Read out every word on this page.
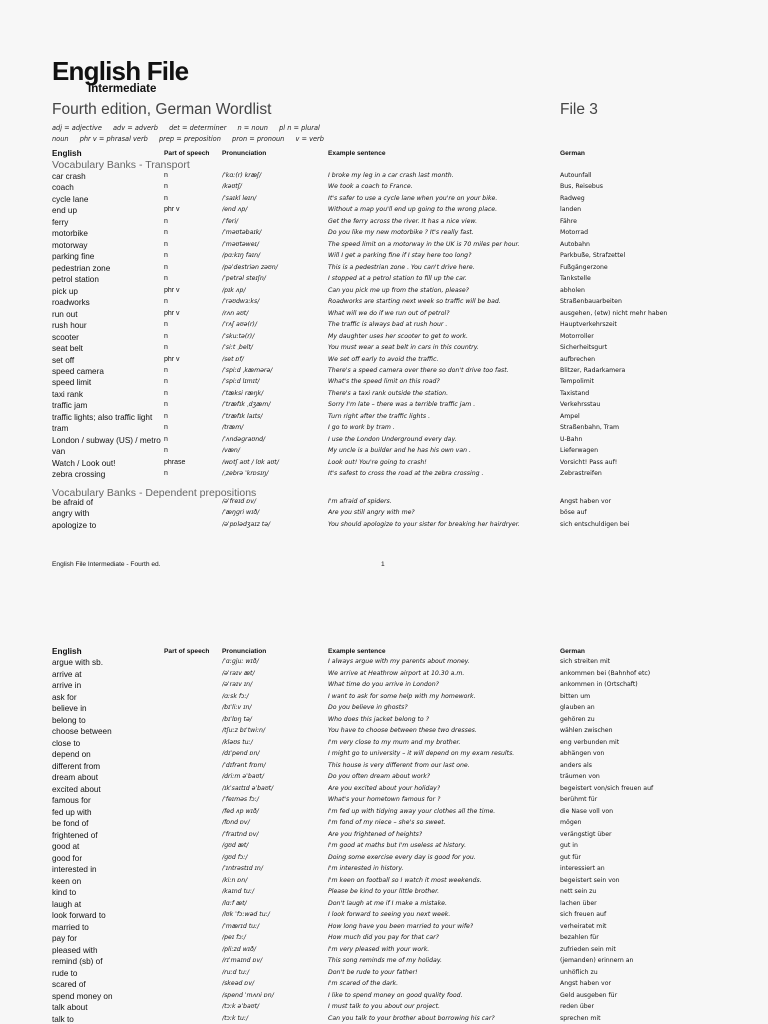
English File
Intermediate
Fourth edition, German Wordlist	File 3
adj = adjective adv = adverb det = determiner n = noun pl n = plural
noun phr v = phrasal verb prep = preposition pron = pronoun v = verb
English	Part of speech Pronunciation	Example sentence	German
Vocabulary Banks - Transport
car crash	n	/ˈkɑː(r) kræʃ/	I broke my leg in a car crash last month.	Autounfall
coach	n	/kəʊtʃ/	We took a coach to France.	Bus, Reisebus
cycle lane	n	/ˈsaɪkl leɪn/	It's safer to use a cycle lane when you're on your bike.	Radweg
end up	phr v	/end ʌp/	Without a map you'll end up going to the wrong place.	landen
ferry	n	/ˈferi/	Get the ferry across the river. It has a nice view.	Fähre
motorbike	n	/ˈməʊtəbaɪk/	Do you like my new motorbike ? It's really fast.	Motorrad
motorway	n	/ˈməʊtəweɪ/	The speed limit on a motorway in the UK is 70 miles per hour.	Autobahn
parking fine	n	/pɑːkɪŋ faɪn/	Will I get a parking fine if I stay here too long?	Parkbuße, Strafzettel
pedestrian zone	n	/pəˈdestriən zəʊn/	This is a pedestrian zone . You can't drive here.	Fußgängerzone
petrol station	n	/ˈpetrəl steɪʃn/	I stopped at a petrol station to fill up the car.	Tankstelle
pick up	phr v	/pɪk ʌp/	Can you pick me up from the station, please?	abholen
roadworks	n	/ˈrəʊdwɜːks/	Roadworks are starting next week so traffic will be bad.	Straßenbauarbeiten
run out	phr v	/rʌn aʊt/	What will we do if we run out of petrol?	ausgehen, (etw) nicht mehr haben
rush hour	n	/ˈrʌʃ aʊə(r)/	The traffic is always bad at rush hour .	Hauptverkehrszeit
scooter	n	/ˈskuːtə(r)/	My daughter uses her scooter to get to work.	Motorroller
seat belt	n	/ˈsiːt ˌbelt/	You must wear a seat belt in cars in this country.	Sicherheitsgurt
set off	phr v	/set ɒf/	We set off early to avoid the traffic.	aufbrechen
speed camera	n	/ˈspiːd ˌkæmərə/	There's a speed camera over there so don't drive too fast.	Blitzer, Radarkamera
speed limit	n	/ˈspiːd lɪmɪt/	What's the speed limit on this road?	Tempolimit
taxi rank	n	/ˈtæksi ræŋk/	There's a taxi rank outside the station.	Taxistand
traffic jam	n	/ˈtræfɪk ˌdʒæm/	Sorry I'm late – there was a terrible traffic jam .	Verkehrsstau
traffic lights; also traffic light	n	/ˈtræfɪk laɪts/	Turn right after the traffic lights .	Ampel
tram	n	/træm/	I go to work by tram .	Straßenbahn, Tram
London / subway (US) / metro n	/ˈʌndəɡraʊnd/	I use the London Underground every day.	U-Bahn
van	n	/væn/	My uncle is a builder and he has his own van .	Lieferwagen
Watch / Look out!	phrase	/wɒtʃ aʊt / lʊk aʊt/	Look out! You're going to crash!	Vorsicht! Pass auf!
zebra crossing	n	/ˌzebrə ˈkrɒsɪŋ/	It's safest to cross the road at the zebra crossing .	Zebrastreifen
Vocabulary Banks - Dependent prepositions
be afraid of	/əˈfreɪd ɒv/	I'm afraid of spiders.	Angst haben vor
angry with	/ˈæŋɡri wɪð/	Are you still angry with me?	böse auf
apologize to	/əˈpɒlədʒaɪz tə/	You should apologize to your sister for breaking her hairdryer.	sich entschuldigen bei
English File Intermediate - Fourth ed.	1
English	Part of speech Pronunciation	Example sentence	German
argue with sb.	/ˈɑːɡjuː wɪð/	I always argue with my parents about money.	sich streiten mit
arrive at	/əˈraɪv æt/	We arrive at Heathrow airport at 10.30 a.m.	ankommen bei (Bahnhof etc)
arrive in	/əˈraɪv ɪn/	What time do you arrive in London?	ankommen in (Ortschaft)
ask for	/ɑːsk fɔː/	I want to ask for some help with my homework.	bitten um
believe in	/bɪˈliːv ɪn/	Do you believe in ghosts?	glauben an
belong to	/bɪˈlɒŋ tə/	Who does this jacket belong to ?	gehören zu
choose between	/tʃuːz bɪˈtwiːn/	You have to choose between these two dresses.	wählen zwischen
close to	/kləʊs tuː/	I'm very close to my mum and my brother.	eng verbunden mit
depend on	/dɪˈpend ɒn/	I might go to university – it will depend on my exam results.	abhängen von
different from	/ˈdɪfrənt frɒm/	This house is very different from our last one.	anders als
dream about	/driːm əˈbaʊt/	Do you often dream about work?	träumen von
excited about	/ɪkˈsaɪtɪd əˈbaʊt/	Are you excited about your holiday?	begeistert von/sich freuen auf
famous for	/ˈfeɪməs fɔː/	What's your hometown famous for ?	berühmt für
fed up with	/fed ʌp wɪð/	I'm fed up with tidying away your clothes all the time.	die Nase voll von
be fond of	/fɒnd ɒv/	I'm fond of my niece – she's so sweet.	mögen
frightened of	/ˈfraɪtnd ɒv/	Are you frightened of heights?	verängstigt über
good at	/ɡʊd æt/	I'm good at maths but I'm useless at history.	gut in
good for	/ɡʊd fɔː/	Doing some exercise every day is good for you.	gut für
interested in	/ˈɪntrəstɪd ɪn/	I'm interested in history.	interessiert an
keen on	/kiːn ɒn/	I'm keen on football so I watch it most weekends.	begeistert sein von
kind to	/kaɪnd tuː/	Please be kind to your little brother.	nett sein zu
laugh at	/lɑːf æt/	Don't laugh at me if I make a mistake.	lachen über
look forward to	/lʊk ˈfɔːwəd tuː/	I look forward to seeing you next week.	sich freuen auf
married to	/ˈmærɪd tuː/	How long have you been married to your wife?	verheiratet mit
pay for	/peɪ fɔː/	How much did you pay for that car?	bezahlen für
pleased with	/pliːzd wɪð/	I'm very pleased with your work.	zufrieden sein mit
remind (sb) of	/rɪˈmaɪnd ɒv/	This song reminds me of my holiday.	(jemanden) erinnern an
rude to	/ruːd tuː/	Don't be rude to your father!	unhöflich zu
scared of	/skeəd ɒv/	I'm scared of the dark.	Angst haben vor
spend money on	/spend ˈmʌni ɒn/	I like to spend money on good quality food.	Geld ausgeben für
talk about	/tɔːk əˈbaʊt/	I must talk to you about our project.	reden über
talk to	/tɔːk tuː/	Can you talk to your brother about borrowing his car?	sprechen mit
